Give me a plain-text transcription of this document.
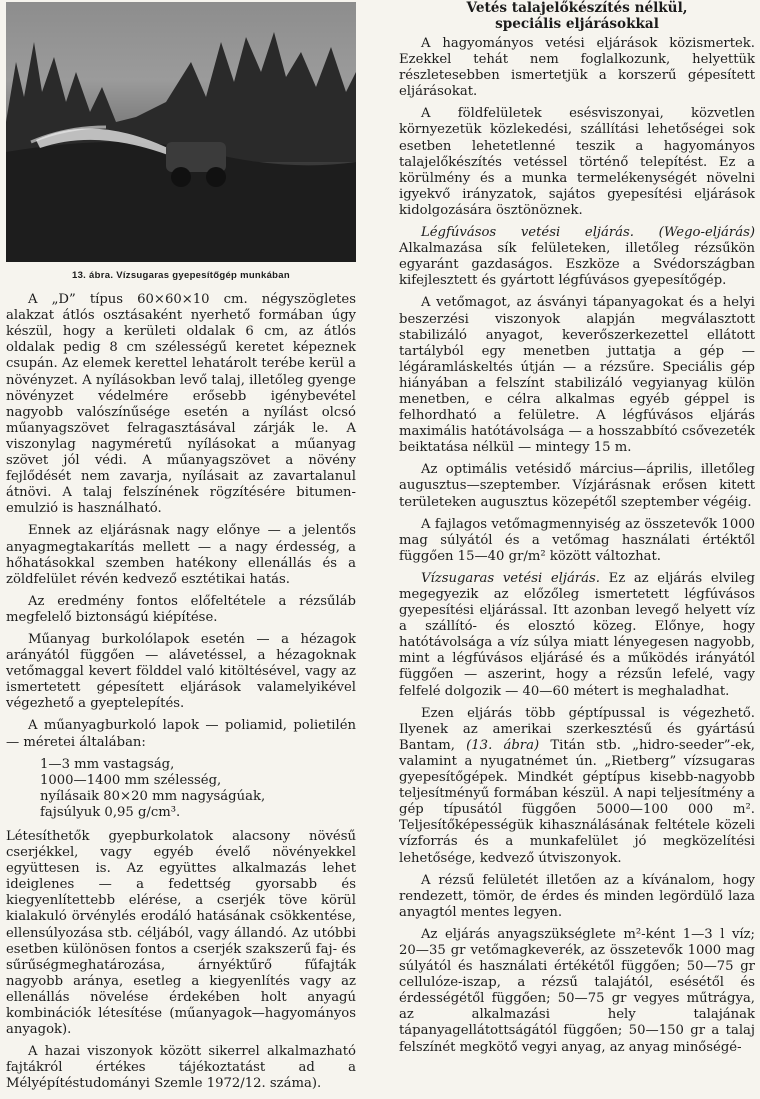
13. ábra. Vízsugaras gyepesítőgép munkában

A „D” típus 60×60×10 cm. négyszögletes alakzat átlós osztásaként nyerhető formában úgy készül, hogy a kerületi oldalak 6 cm, az átlós oldalak pedig 8 cm szélességű keretet képeznek csupán. Az elemek kerettel lehatárolt terébe kerül a növényzet. A nyílásokban levő talaj, illetőleg gyenge növényzet védelmére erősebb igénybevétel nagyobb valószínűsége esetén a nyílást olcsó műanyagszövet felragasztásával zárják le. A viszonylag nagyméretű nyílásokat a műanyag szövet jól védi. A műanyagszövet a növény fejlődését nem zavarja, nyílásait az zavartalanul átnövi. A talaj felszínének rögzítésére bitumen-emulzió is használható.

Ennek az eljárásnak nagy előnye — a jelentős anyagmegtakarítás mellett — a nagy érdesség, a hőhatásokkal szemben hatékony ellenállás és a zöldfelület révén kedvező esztétikai hatás.

Az eredmény fontos előfeltétele a rézsűláb megfelelő biztonságú kiépítése.

Műanyag burkolólapok esetén — a hézagok arányától függően — alávetéssel, a hézagoknak vetőmaggal kevert földdel való kitöltésével, vagy az ismertetett gépesített eljárások valamelyikével végezhető a gyeptelepítés.

A műanyagburkoló lapok — poliamid, polietilén — méretei általában:

1—3 mm vastagság,
1000—1400 mm szélesség,
nyílásaik 80×20 mm nagyságúak,
fajsúlyuk 0,95 g/cm³.

Létesíthetők gyepburkolatok alacsony növésű cserjékkel, vagy egyéb évelő növényekkel együttesen is. Az együttes alkalmazás lehet ideiglenes — a fedettség gyorsabb és kiegyenlítettebb elérése, a cserjék töve körül kialakuló örvénylés erodáló hatásának csökkentése, ellensúlyozása stb. céljából, vagy állandó. Az utóbbi esetben különösen fontos a cserjék szakszerű faj- és sűrűségmeghatározása, árnyéktűrő fűfajták nagyobb aránya, esetleg a kiegyenlítés vagy az ellenállás növelése érdekében holt anyagú kombinációk létesítése (műanyagok—hagyományos anyagok).

A hazai viszonyok között sikerrel alkalmazható fajtákról értékes tájékoztatást ad a Mélyépítéstudományi Szemle 1972/12. száma).

Vetés talajelőkészítés nélkül,
speciális eljárásokkal

A hagyományos vetési eljárások közismertek. Ezekkel tehát nem foglalkozunk, helyettük részletesebben ismertetjük a korszerű gépesített eljárásokat.

A földfelületek esésviszonyai, közvetlen környezetük közlekedési, szállítási lehetőségei sok esetben lehetetlenné teszik a hagyományos talajelőkészítés vetéssel történő telepítést. Ez a körülmény és a munka termelékenységét növelni igyekvő irányzatok, sajátos gyepesítési eljárások kidolgozására ösztönöznek.

Légfúvásos vetési eljárás. (Wego-eljárás) Alkalmazása sík felületeken, illetőleg rézsűkön egyaránt gazdaságos. Eszköze a Svédországban kifejlesztett és gyártott légfúvásos gyepesítőgép.

A vetőmagot, az ásványi tápanyagokat és a helyi beszerzési viszonyok alapján megválasztott stabilizáló anyagot, keverőszerkezettel ellátott tartályból egy menetben juttatja a gép — légáramláskeltés útján — a rézsűre. Speciális gép hiányában a felszínt stabilizáló vegyianyag külön menetben, e célra alkalmas egyéb géppel is felhordható a felületre. A légfúvásos eljárás maximális hatótávolsága — a hosszabbító csővezeték beiktatása nélkül — mintegy 15 m.

Az optimális vetésidő március—április, illetőleg augusztus—szeptember. Vízjárásnak erősen kitett területeken augusztus közepétől szeptember végéig.

A fajlagos vetőmagmennyiség az összetevők 1000 mag súlyától és a vetőmag használati értéktől függően 15—40 gr/m² között változhat.

Vízsugaras vetési eljárás. Ez az eljárás elvileg megegyezik az előzőleg ismertetett légfúvásos gyepesítési eljárással. Itt azonban levegő helyett víz a szállító- és elosztó közeg. Előnye, hogy hatótávolsága a víz súlya miatt lényegesen nagyobb, mint a légfúvásos eljárásé és a működés irányától függően — aszerint, hogy a rézsűn lefelé, vagy felfelé dolgozik — 40—60 métert is meghaladhat.

Ezen eljárás több géptípussal is végezhető. Ilyenek az amerikai szerkesztésű és gyártású Bantam, (13. ábra) Titán stb. „hidro-seeder”-ek, valamint a nyugatnémet ún. „Rietberg” vízsugaras gyepesítőgépek. Mindkét géptípus kisebb-nagyobb teljesítményű formában készül. A napi teljesítmény a gép típusától függően 5000—100 000 m². Teljesítőképességük kihasználásának feltétele közeli vízforrás és a munkafelület jó megközelítési lehetősége, kedvező útviszonyok.

A rézsű felületét illetően az a kívánalom, hogy rendezett, tömör, de érdes és minden legördülő laza anyagtól mentes legyen.

Az eljárás anyagszükséglete m²-ként 1—3 l víz; 20—35 gr vetőmagkeverék, az összetevők 1000 mag súlyától és használati értékétől függően; 50—75 gr cellulóze-iszap, a rézsű talajától, esésétől és érdességétől függően; 50—75 gr vegyes műtrágya, az alkalmazási hely talajának tápanyagellátottságától függően; 50—150 gr a talaj felszínét megkötő vegyi anyag, az anyag minőségé-
